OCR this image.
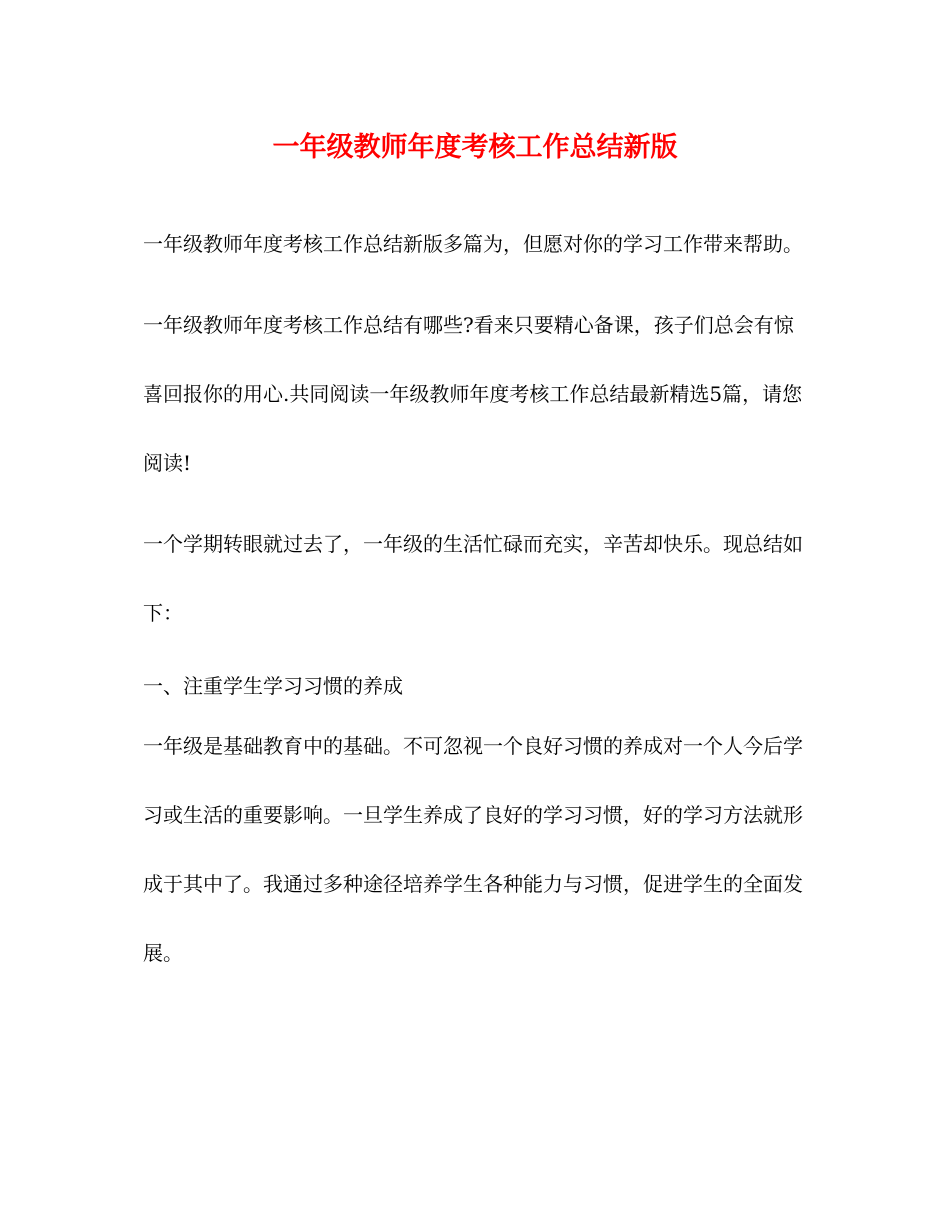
一年级教师年度考核工作总结新版

一年级教师年度考核工作总结新版多篇为，但愿对你的学习工作带来帮助。

一年级教师年度考核工作总结有哪些?看来只要精心备课，孩子们总会有惊喜回报你的用心.共同阅读一年级教师年度考核工作总结最新精选5篇，请您阅读!

一个学期转眼就过去了，一年级的生活忙碌而充实，辛苦却快乐。现总结如下：

一、注重学生学习习惯的养成

一年级是基础教育中的基础。不可忽视一个良好习惯的养成对一个人今后学习或生活的重要影响。一旦学生养成了良好的学习习惯，好的学习方法就形成于其中了。我通过多种途径培养学生各种能力与习惯，促进学生的全面发展。
